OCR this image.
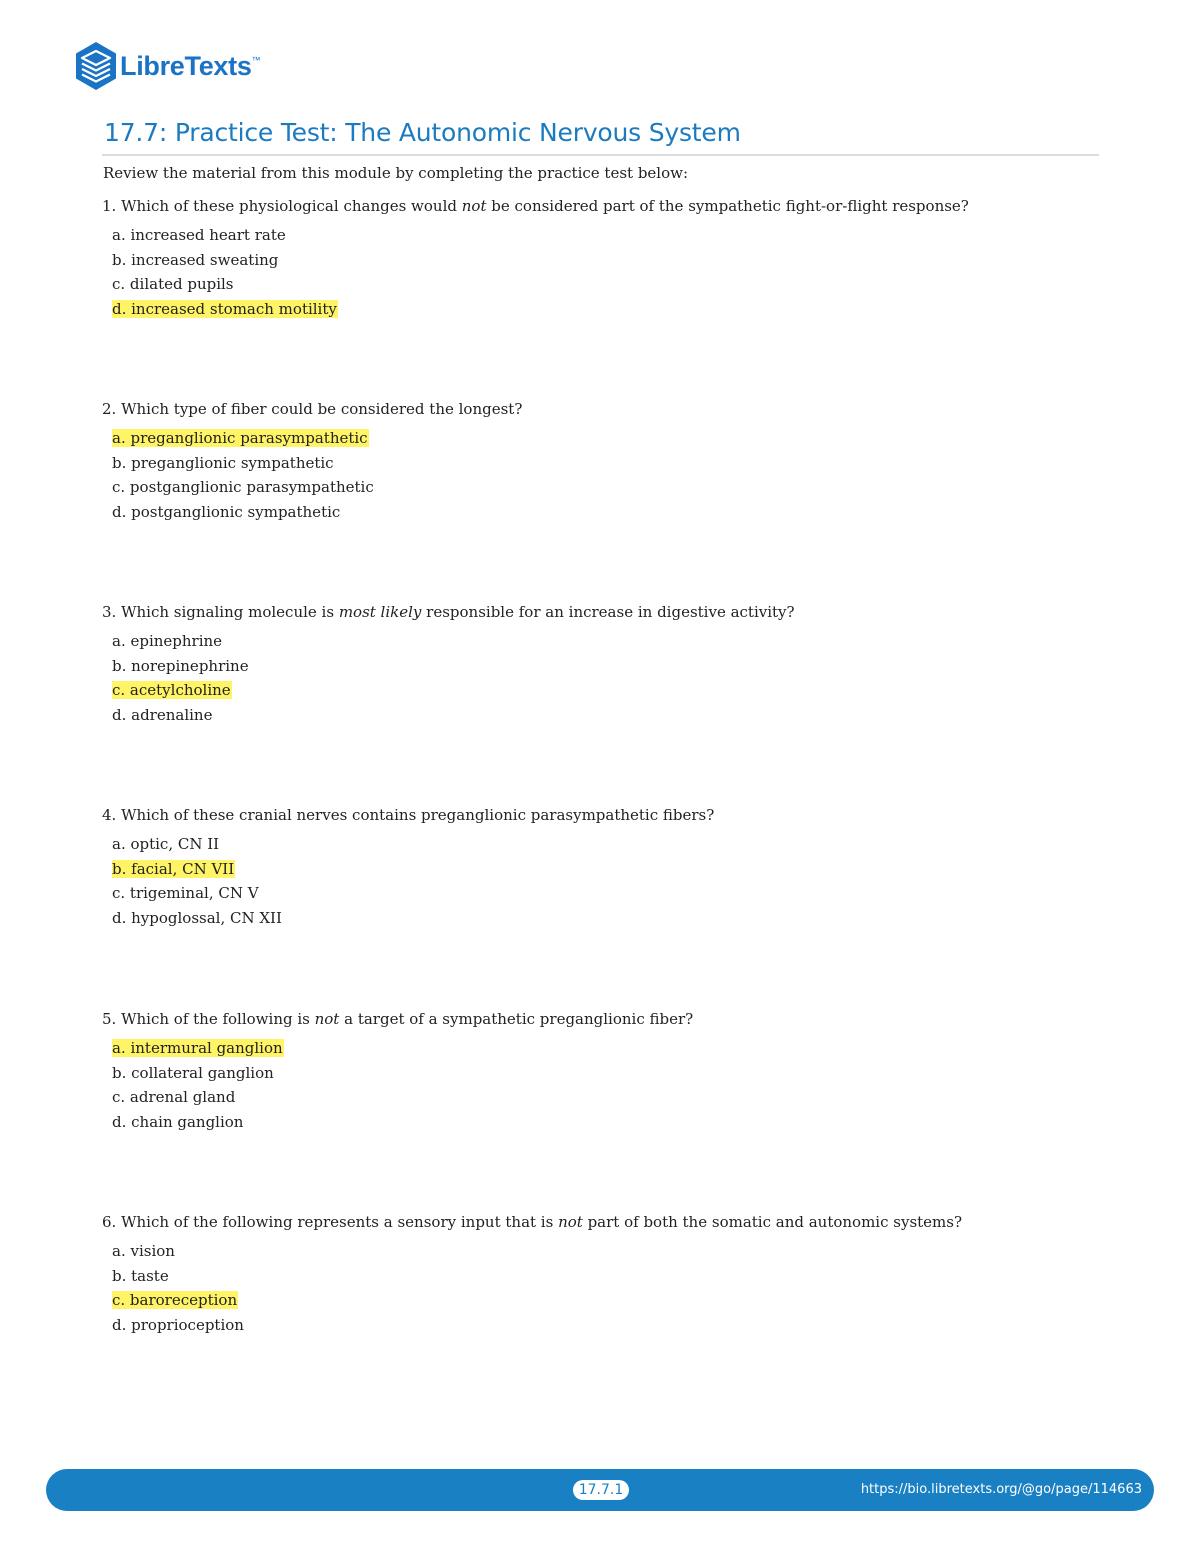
LibreTexts™
17.7: Practice Test: The Autonomic Nervous System
Review the material from this module by completing the practice test below:
1. Which of these physiological changes would not be considered part of the sympathetic fight-or-flight response?
a. increased heart rate
b. increased sweating
c. dilated pupils
d. increased stomach motility
2. Which type of fiber could be considered the longest?
a. preganglionic parasympathetic
b. preganglionic sympathetic
c. postganglionic parasympathetic
d. postganglionic sympathetic
3. Which signaling molecule is most likely responsible for an increase in digestive activity?
a. epinephrine
b. norepinephrine
c. acetylcholine
d. adrenaline
4. Which of these cranial nerves contains preganglionic parasympathetic fibers?
a. optic, CN II
b. facial, CN VII
c. trigeminal, CN V
d. hypoglossal, CN XII
5. Which of the following is not a target of a sympathetic preganglionic fiber?
a. intermural ganglion
b. collateral ganglion
c. adrenal gland
d. chain ganglion
6. Which of the following represents a sensory input that is not part of both the somatic and autonomic systems?
a. vision
b. taste
c. baroreception
d. proprioception
17.7.1	https://bio.libretexts.org/@go/page/114663
